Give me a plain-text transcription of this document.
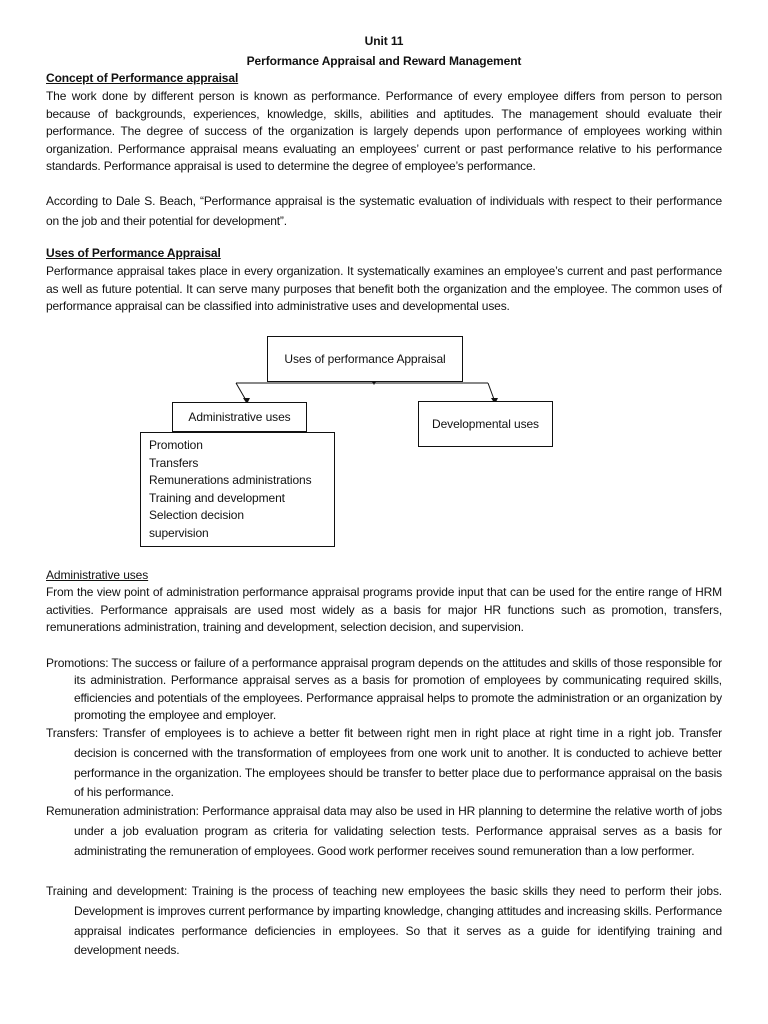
Unit 11
Performance Appraisal and Reward Management
Concept of Performance appraisal

The work done by different person is known as performance. Performance of every employee differs from person to person because of backgrounds, experiences, knowledge, skills, abilities and aptitudes. The management should evaluate their performance. The degree of success of the organization is largely depends upon performance of employees working within organization. Performance appraisal means evaluating an employees’ current or past performance relative to his performance standards. Performance appraisal is used to determine the degree of employee’s performance.

According to Dale S. Beach, “Performance appraisal is the systematic evaluation of individuals with respect to their performance on the job and their potential for development”.

Uses of Performance Appraisal

Performance appraisal takes place in every organization. It systematically examines an employee’s current and past performance as well as future potential. It can serve many purposes that benefit both the organization and the employee. The common uses of performance appraisal can be classified into administrative uses and developmental uses.

Uses of performance Appraisal
Administrative uses	Developmental uses
Promotion
Transfers
Remunerations administrations
Training and development
Selection decision
supervision
Administrative uses

From the view point of administration performance appraisal programs provide input that can be used for the entire range of HRM activities. Performance appraisals are used most widely as a basis for major HR functions such as promotion, transfers, remunerations administration, training and development, selection decision, and supervision.

Promotions: The success or failure of a performance appraisal program depends on the attitudes and skills of those responsible for its administration. Performance appraisal serves as a basis for promotion of employees by communicating required skills, efficiencies and potentials of the employees. Performance appraisal helps to promote the administration or an organization by promoting the employee and employer.

Transfers: Transfer of employees is to achieve a better fit between right men in right place at right time in a right job. Transfer decision is concerned with the transformation of employees from one work unit to another. It is conducted to achieve better performance in the organization. The employees should be transfer to better place due to performance appraisal on the basis of his performance.

Remuneration administration: Performance appraisal data may also be used in HR planning to determine the relative worth of jobs under a job evaluation program as criteria for validating selection tests. Performance appraisal serves as a basis for administrating the remuneration of employees. Good work performer receives sound remuneration than a low performer.

Training and development: Training is the process of teaching new employees the basic skills they need to perform their jobs. Development is improves current performance by imparting knowledge, changing attitudes and increasing skills. Performance appraisal indicates performance deficiencies in employees. So that it serves as a guide for identifying training and development needs.
